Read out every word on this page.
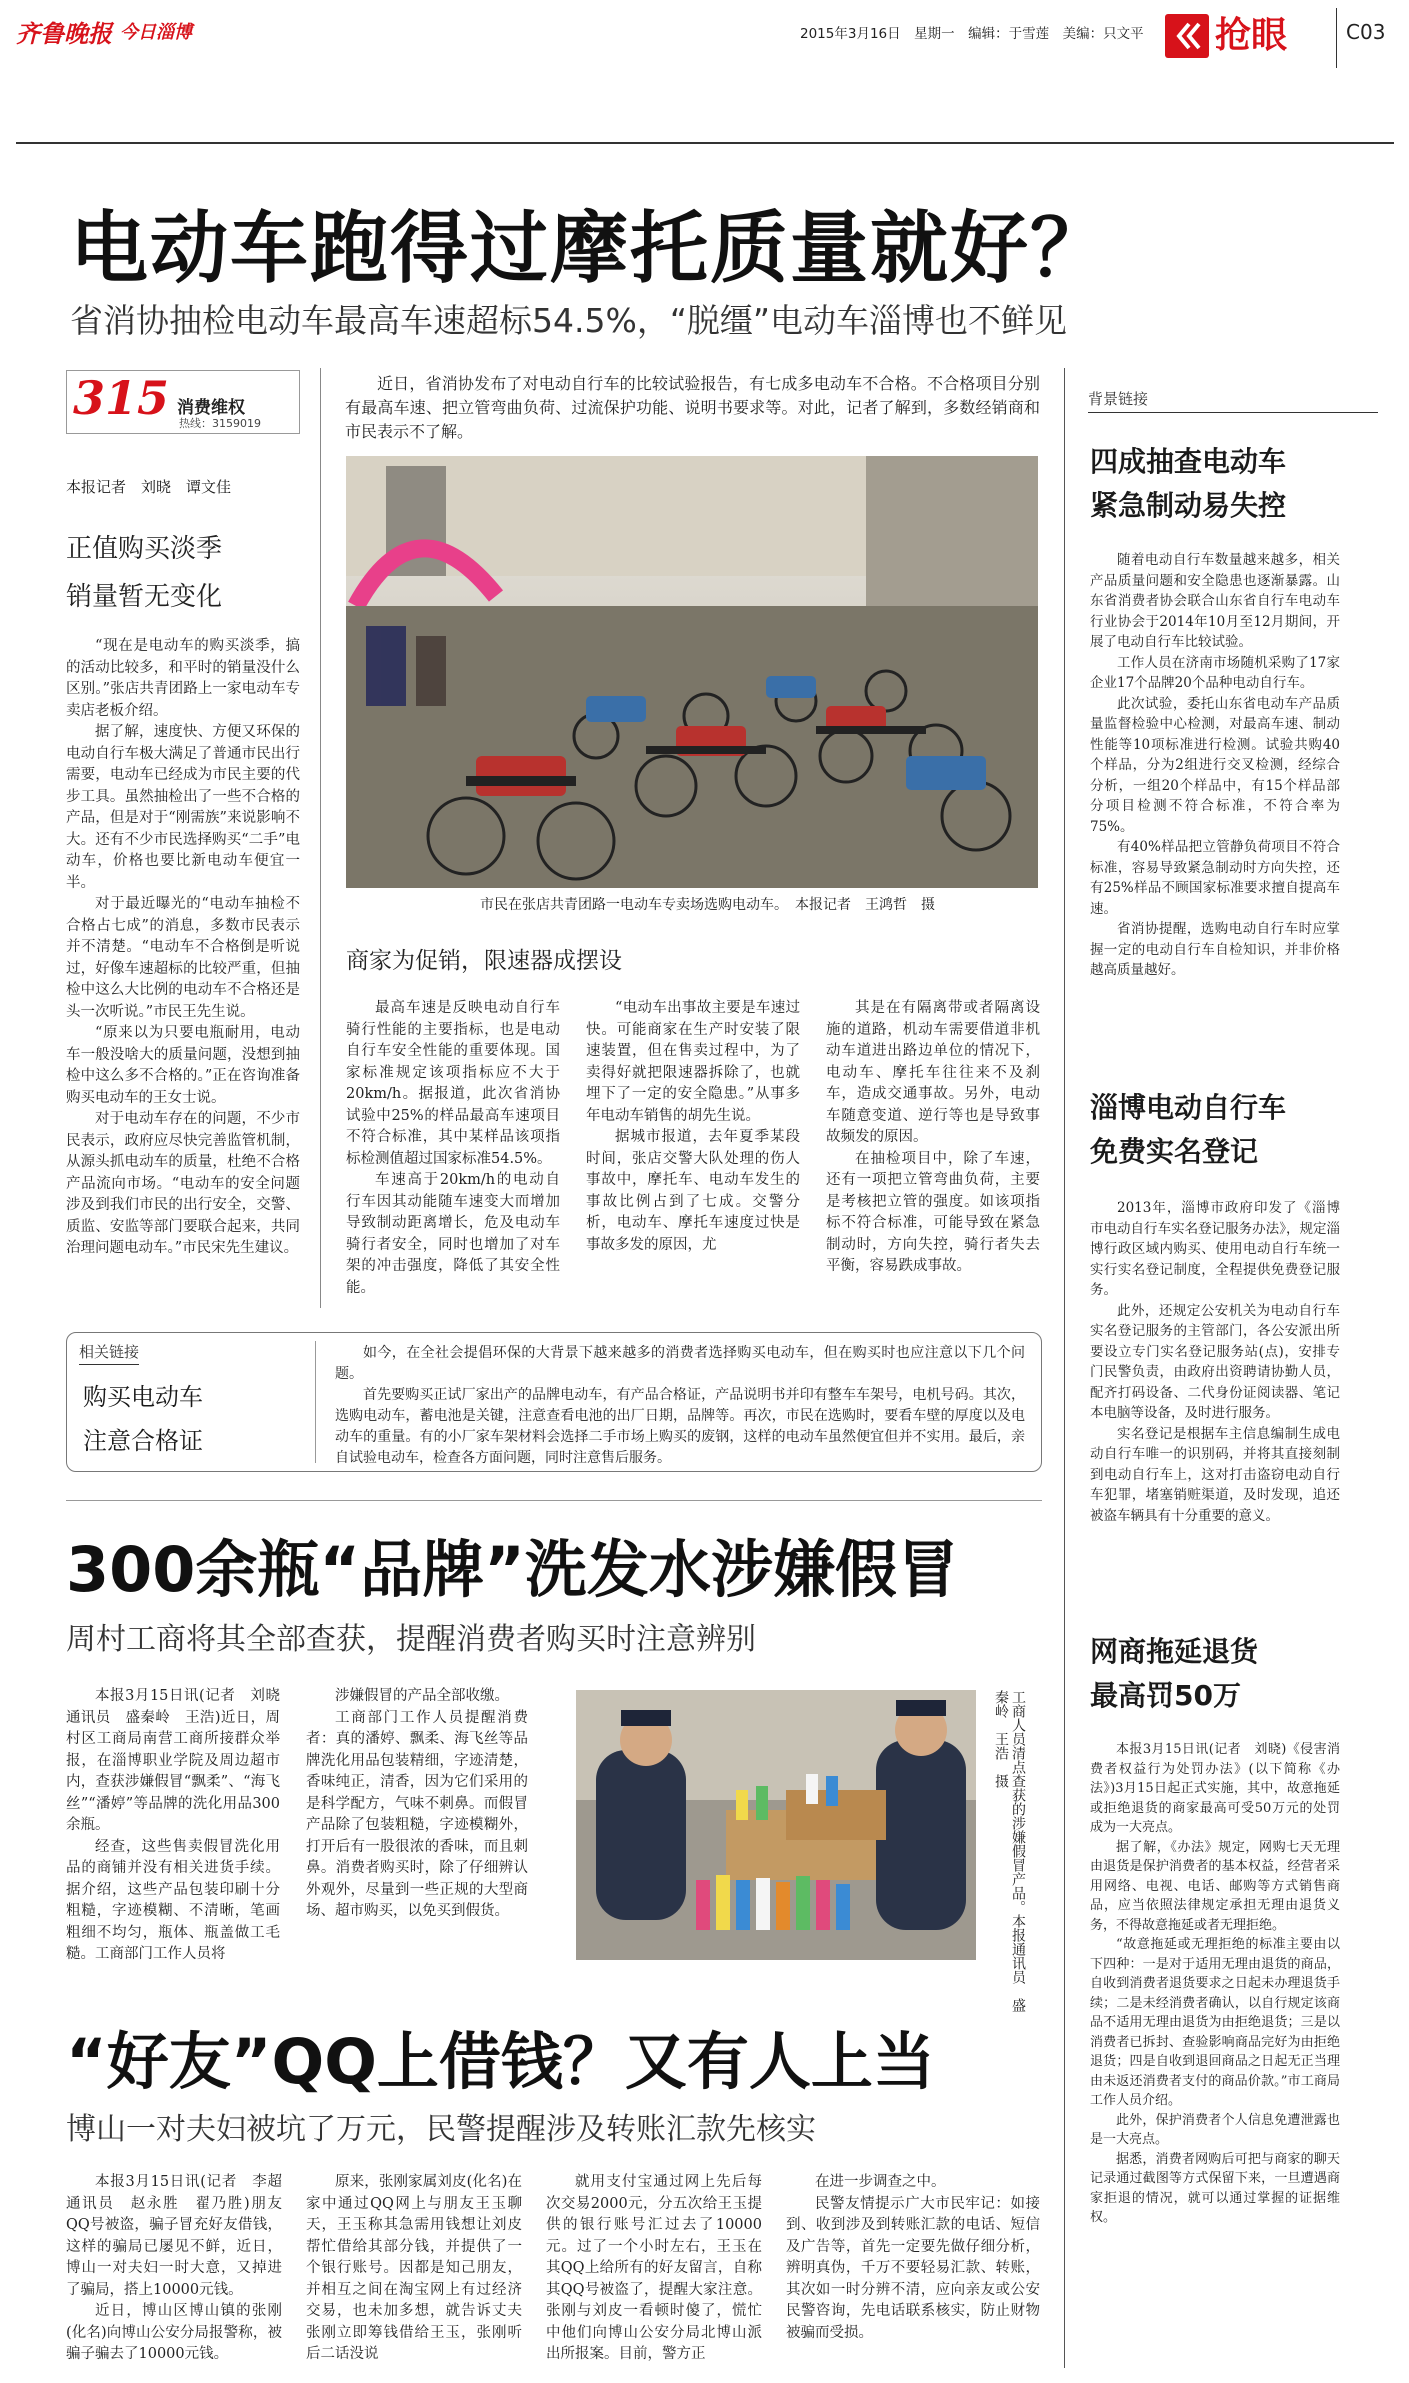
齐鲁晚报 今日淄博	2015年3月16日　星期一　编辑：于雪莲　美编：只文平 抢眼	C03
电动车跑得过摩托质量就好？
省消协抽检电动车最高车速超标54.5%，“脱缰”电动车淄博也不鲜见
315 消费维权
热线：3159019
本报记者　刘晓　谭文佳
正值购买淡季
销量暂无变化

“现在是电动车的购买淡季，搞的活动比较多，和平时的销量没什么区别。”张店共青团路上一家电动车专卖店老板介绍。

据了解，速度快、方便又环保的电动自行车极大满足了普通市民出行需要，电动车已经成为市民主要的代步工具。虽然抽检出了一些不合格的产品，但是对于“刚需族”来说影响不大。还有不少市民选择购买“二手”电动车，价格也要比新电动车便宜一半。

对于最近曝光的“电动车抽检不合格占七成”的消息，多数市民表示并不清楚。“电动车不合格倒是听说过，好像车速超标的比较严重，但抽检中这么大比例的电动车不合格还是头一次听说。”市民王先生说。

“原来以为只要电瓶耐用，电动车一般没啥大的质量问题，没想到抽检中这么多不合格的。”正在咨询准备购买电动车的王女士说。

对于电动车存在的问题，不少市民表示，政府应尽快完善监管机制，从源头抓电动车的质量，杜绝不合格产品流向市场。“电动车的安全问题涉及到我们市民的出行安全，交警、质监、安监等部门要联合起来，共同治理问题电动车。”市民宋先生建议。

近日，省消协发布了对电动自行车的比较试验报告，有七成多电动车不合格。不合格项目分别有最高车速、把立管弯曲负荷、过流保护功能、说明书要求等。对此，记者了解到，多数经销商和市民表示不了解。

市民在张店共青团路一电动车专卖场选购电动车。　本报记者　王鸿哲　摄
商家为促销，限速器成摆设

最高车速是反映电动自行车骑行性能的主要指标，也是电动自行车安全性能的重要体现。国家标准规定该项指标应不大于20km/h。据报道，此次省消协试验中25%的样品最高车速项目不符合标准，其中某样品该项指标检测值超过国家标准54.5%。

车速高于20km/h的电动自行车因其动能随车速变大而增加导致制动距离增长，危及电动车骑行者安全，同时也增加了对车架的冲击强度，降低了其安全性能。

“电动车出事故主要是车速过快。可能商家在生产时安装了限速装置，但在售卖过程中，为了卖得好就把限速器拆除了，也就埋下了一定的安全隐患。”从事多年电动车销售的胡先生说。

据城市报道，去年夏季某段时间，张店交警大队处理的伤人事故中，摩托车、电动车发生的事故比例占到了七成。交警分析，电动车、摩托车速度过快是事故多发的原因，尤

其是在有隔离带或者隔离设施的道路，机动车需要借道非机动车道进出路边单位的情况下，电动车、摩托车往往来不及刹车，造成交通事故。另外，电动车随意变道、逆行等也是导致事故频发的原因。

在抽检项目中，除了车速，还有一项把立管弯曲负荷，主要是考核把立管的强度。如该项指标不符合标准，可能导致在紧急制动时，方向失控，骑行者失去平衡，容易跌成事故。

相关链接
购买电动车
注意合格证

如今，在全社会提倡环保的大背景下越来越多的消费者选择购买电动车，但在购买时也应注意以下几个问题。

首先要购买正试厂家出产的品牌电动车，有产品合格证，产品说明书并印有整车车架号，电机号码。其次，选购电动车，蓄电池是关键，注意查看电池的出厂日期，品牌等。再次，市民在选购时，要看车壁的厚度以及电动车的重量。有的小厂家车架材料会选择二手市场上购买的废钢，这样的电动车虽然便宜但并不实用。最后，亲自试验电动车，检查各方面问题，同时注意售后服务。

背景链接
四成抽查电动车
紧急制动易失控

随着电动自行车数量越来越多，相关产品质量问题和安全隐患也逐渐暴露。山东省消费者协会联合山东省自行车电动车行业协会于2014年10月至12月期间，开展了电动自行车比较试验。

工作人员在济南市场随机采购了17家企业17个品牌20个品种电动自行车。

此次试验，委托山东省电动车产品质量监督检验中心检测，对最高车速、制动性能等10项标准进行检测。试验共购40个样品，分为2组进行交叉检测，经综合分析，一组20个样品中，有15个样品部分项目检测不符合标准，不符合率为75%。

有40%样品把立管静负荷项目不符合标准，容易导致紧急制动时方向失控，还有25%样品不顾国家标准要求擅自提高车速。

省消协提醒，选购电动自行车时应掌握一定的电动自行车自检知识，并非价格越高质量越好。

淄博电动自行车
免费实名登记

2013年，淄博市政府印发了《淄博市电动自行车实名登记服务办法》，规定淄博行政区域内购买、使用电动自行车统一实行实名登记制度，全程提供免费登记服务。

此外，还规定公安机关为电动自行车实名登记服务的主管部门，各公安派出所要设立专门实名登记服务站(点)，安排专门民警负责，由政府出资聘请协勤人员，配齐打码设备、二代身份证阅读器、笔记本电脑等设备，及时进行服务。

实名登记是根据车主信息编制生成电动自行车唯一的识别码，并将其直接刻制到电动自行车上，这对打击盗窃电动自行车犯罪，堵塞销赃渠道，及时发现，追还被盗车辆具有十分重要的意义。

网商拖延退货
最高罚50万

本报3月15日讯(记者　刘晓)《侵害消费者权益行为处罚办法》(以下简称《办法》)3月15日起正式实施，其中，故意拖延或拒绝退货的商家最高可受50万元的处罚成为一大亮点。

据了解，《办法》规定，网购七天无理由退货是保护消费者的基本权益，经营者采用网络、电视、电话、邮购等方式销售商品，应当依照法律规定承担无理由退货义务，不得故意拖延或者无理拒绝。

“故意拖延或无理拒绝的标准主要由以下四种：一是对于适用无理由退货的商品，自收到消费者退货要求之日起未办理退货手续；二是未经消费者确认，以自行规定该商品不适用无理由退货为由拒绝退货；三是以消费者已拆封、查验影响商品完好为由拒绝退货；四是自收到退回商品之日起无正当理由未返还消费者支付的商品价款。”市工商局工作人员介绍。

此外，保护消费者个人信息免遭泄露也是一大亮点。

据悉，消费者网购后可把与商家的聊天记录通过截图等方式保留下来，一旦遭遇商家拒退的情况，就可以通过掌握的证据维权。

300余瓶“品牌”洗发水涉嫌假冒
周村工商将其全部查获，提醒消费者购买时注意辨别

本报3月15日讯(记者　刘晓　通讯员　盛秦岭　王浩)近日，周村区工商局南营工商所接群众举报，在淄博职业学院及周边超市内，查获涉嫌假冒“飘柔”、“海飞丝”“潘婷”等品牌的洗化用品300余瓶。

经查，这些售卖假冒洗化用品的商铺并没有相关进货手续。据介绍，这些产品包装印刷十分粗糙，字迹模糊、不清晰，笔画粗细不均匀，瓶体、瓶盖做工毛糙。工商部门工作人员将

涉嫌假冒的产品全部收缴。

工商部门工作人员提醒消费者：真的潘婷、飘柔、海飞丝等品牌洗化用品包装精细，字迹清楚，香味纯正，清香，因为它们采用的是科学配方，气味不刺鼻。而假冒产品除了包装粗糙，字迹模糊外，打开后有一股很浓的香味，而且刺鼻。消费者购买时，除了仔细辨认外观外，尽量到一些正规的大型商场、超市购买，以免买到假货。	工商人员清点查获的涉嫌假冒产品。本报通讯员　盛秦岭　王浩　摄
“好友”QQ上借钱？又有人上当
博山一对夫妇被坑了万元，民警提醒涉及转账汇款先核实

本报3月15日讯(记者　李超　通讯员　赵永胜　翟乃胜)朋友QQ号被盗，骗子冒充好友借钱，这样的骗局已屡见不鲜，近日，博山一对夫妇一时大意，又掉进了骗局，搭上10000元钱。

近日，博山区博山镇的张刚(化名)向博山公安分局报警称，被骗子骗去了10000元钱。

原来，张刚家属刘皮(化名)在家中通过QQ网上与朋友王玉聊天，王玉称其急需用钱想让刘皮帮忙借给其部分钱，并提供了一个银行账号。因都是知己朋友，并相互之间在淘宝网上有过经济交易，也未加多想，就告诉丈夫张刚立即筹钱借给王玉，张刚听后二话没说

就用支付宝通过网上先后每次交易2000元，分五次给王玉提供的银行账号汇过去了10000元。过了一个小时左右，王玉在其QQ上给所有的好友留言，自称其QQ号被盗了，提醒大家注意。张刚与刘皮一看顿时傻了，慌忙中他们向博山公安分局北博山派出所报案。目前，警方正

在进一步调查之中。

民警友情提示广大市民牢记：如接到、收到涉及到转账汇款的电话、短信及广告等，首先一定要先做仔细分析，辨明真伪，千万不要轻易汇款、转账，其次如一时分辨不清，应向亲友或公安民警咨询，先电话联系核实，防止财物被骗而受损。
